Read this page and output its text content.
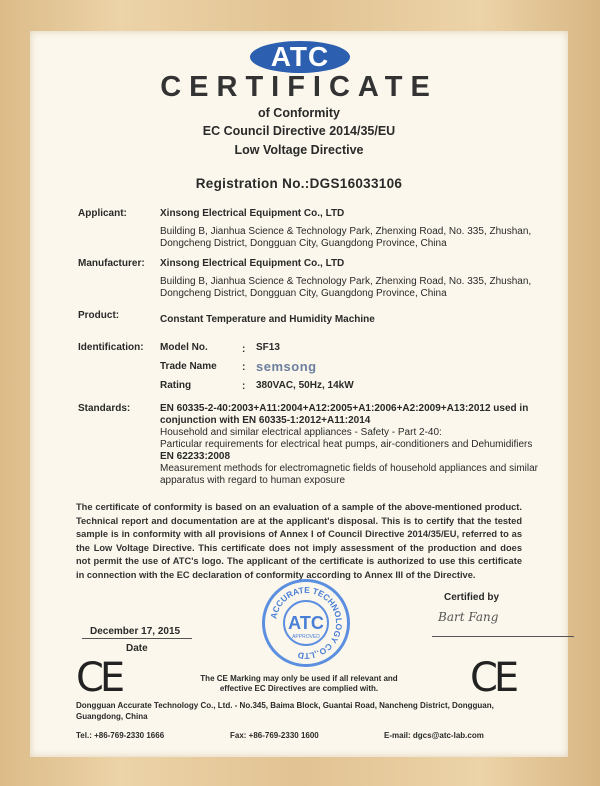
ATC
CERTIFICATE
of Conformity
EC Council Directive 2014/35/EU
Low Voltage Directive
Registration No.:DGS16033106
Applicant:	Xinsong Electrical Equipment Co., LTD
Building B, Jianhua Science & Technology Park, Zhenxing Road, No. 335, Zhushan,
Dongcheng District, Dongguan City, Guangdong Province, China
Manufacturer: Xinsong Electrical Equipment Co., LTD
Building B, Jianhua Science & Technology Park, Zhenxing Road, No. 335, Zhushan,
Dongcheng District, Dongguan City, Guangdong Province, China
Product:	Constant Temperature and Humidity Machine
Identification: Model No.	: SF13
Trade Name	: semsong
Rating	: 380VAC, 50Hz, 14kW
Standards:	EN 60335-2-40:2003+A11:2004+A12:2005+A1:2006+A2:2009+A13:2012 used in
conjunction with EN 60335-1:2012+A11:2014
Household and similar electrical appliances - Safety - Part 2-40:
Particular requirements for electrical heat pumps, air-conditioners and Dehumidifiers
EN 62233:2008
Measurement methods for electromagnetic fields of household appliances and similar
apparatus with regard to human exposure
The certificate of conformity is based on an evaluation of a sample of the above-mentioned product. Technical report and documentation are at the applicant's disposal. This is to certify that the tested sample is in conformity with all provisions of Annex I of Council Directive 2014/35/EU, referred to as the Low Voltage Directive. This certificate does not imply assessment of the production and does not permit the use of ATC's logo. The applicant of the certificate is authorized to use this certificate in connection with the EC declaration of conformity according to Annex III of the Directive.
ACCURATE TECHNOLOGY CO.,LTD
ATC
APPROVED
Certified by
Bart Fang
December 17, 2015
Date
CE	CE
The CE Marking may only be used if all relevant and
effective EC Directives are complied with.
Dongguan Accurate Technology Co., Ltd. - No.345, Baima Block, Guantai Road, Nancheng District, Dongguan,
Guangdong, China
Tel.: +86-769-2330 1666	Fax: +86-769-2330 1600	E-mail: dgcs@atc-lab.com
